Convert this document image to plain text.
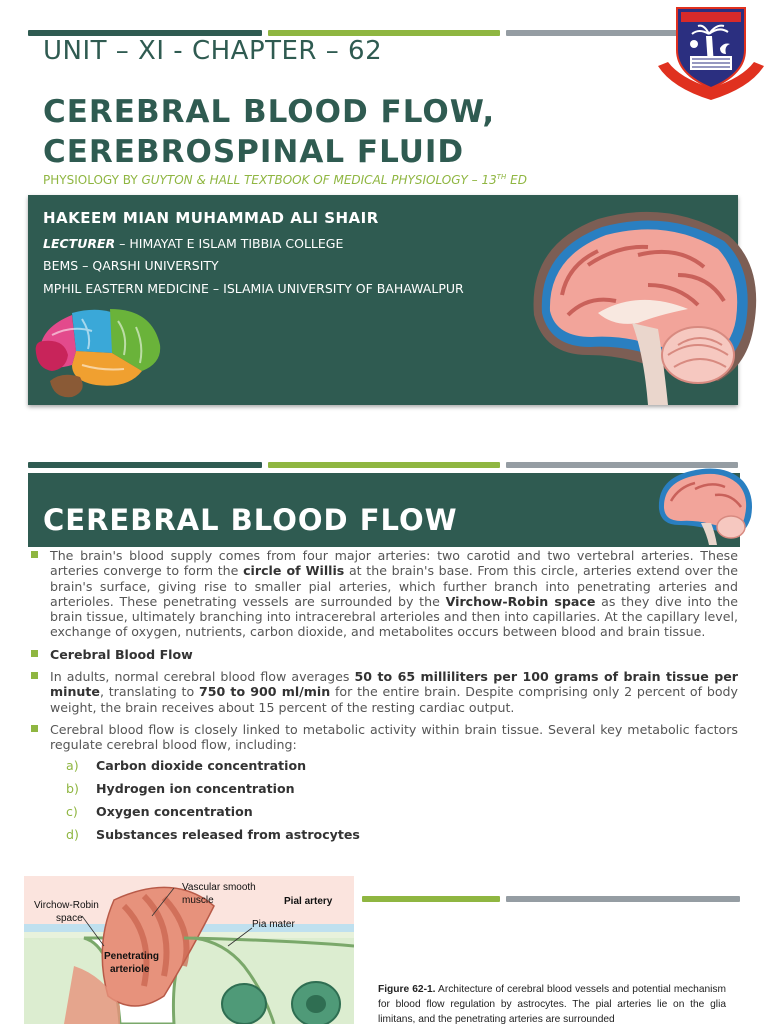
UNIT – XI - CHAPTER – 62
CEREBRAL BLOOD FLOW,
CEREBROSPINAL FLUID
PHYSIOLOGY BY GUYTON & HALL TEXTBOOK OF MEDICAL PHYSIOLOGY – 13TH ED
HAKEEM MIAN MUHAMMAD ALI SHAIR
LECTURER – HIMAYAT E ISLAM TIBBIA COLLEGE
BEMS – QARSHI UNIVERSITY
MPHIL EASTERN MEDICINE – ISLAMIA UNIVERSITY OF BAHAWALPUR
CEREBRAL BLOOD FLOW
The brain's blood supply comes from four major arteries: two carotid and two vertebral arteries. These arteries converge to form the circle of Willis at the brain's base. From this circle, arteries extend over the brain's surface, giving rise to smaller pial arteries, which further branch into penetrating arteries and arterioles. These penetrating vessels are surrounded by the Virchow-Robin space as they dive into the brain tissue, ultimately branching into intracerebral arterioles and then into capillaries. At the capillary level, exchange of oxygen, nutrients, carbon dioxide, and metabolites occurs between blood and brain tissue.
Cerebral Blood Flow
In adults, normal cerebral blood flow averages 50 to 65 milliliters per 100 grams of brain tissue per minute, translating to 750 to 900 ml/min for the entire brain. Despite comprising only 2 percent of body weight, the brain receives about 15 percent of the resting cardiac output.
Cerebral blood flow is closely linked to metabolic activity within brain tissue. Several key metabolic factors regulate cerebral blood flow, including:
a) Carbon dioxide concentration
b) Hydrogen ion concentration
c) Oxygen concentration
d) Substances released from astrocytes
Virchow-Robin
space
Vascular smooth
muscle	Pial artery
Pia mater
Penetrating
arteriole
Figure 62-1. Architecture of cerebral blood vessels and potential mechanism for blood flow regulation by astrocytes. The pial arteries lie on the glia limitans, and the penetrating arteries are surrounded
